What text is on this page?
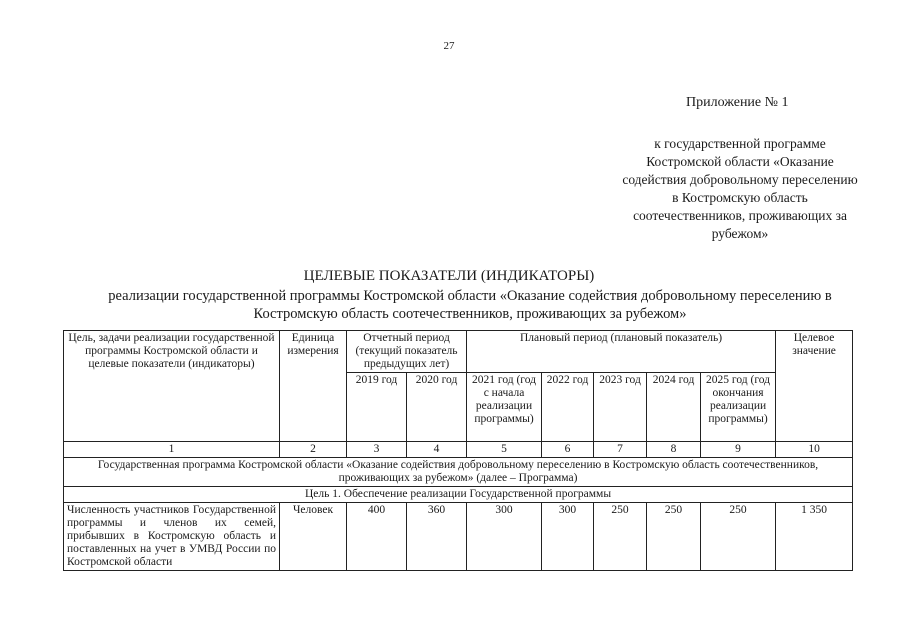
27
Приложение № 1
к государственной программе Костромской области «Оказание содействия добровольному переселению в Костромскую область соотечественников, проживающих за рубежом»
ЦЕЛЕВЫЕ ПОКАЗАТЕЛИ (ИНДИКАТОРЫ)
реализации государственной программы Костромской области «Оказание содействия добровольному переселению в Костромскую область соотечественников, проживающих за рубежом»
Цель, задачи реализации государственной программы Костромской области и целевые показатели (индикаторы)	Единица измерения	Отчетный период (текущий показатель предыдущих лет)		Плановый период (плановый показатель)					Целевое значение
		2019 год	2020 год	2021 год (год с начала реализации программы)	2022 год	2023 год	2024 год	2025 год (год окончания реализации программы)	
1	2	3	4	5	6	7	8	9	10
Государственная программа Костромской области «Оказание содействия добровольному переселению в Костромскую область соотечественников, проживающих за рубежом» (далее – Программа)									
Цель 1. Обеспечение реализации Государственной программы									
Численность участников Государственной программы и членов их семей, прибывших в Костромскую область и поставленных на учет в УМВД России по Костромской области	Человек	400	360	300	300	250	250	250	1 350
